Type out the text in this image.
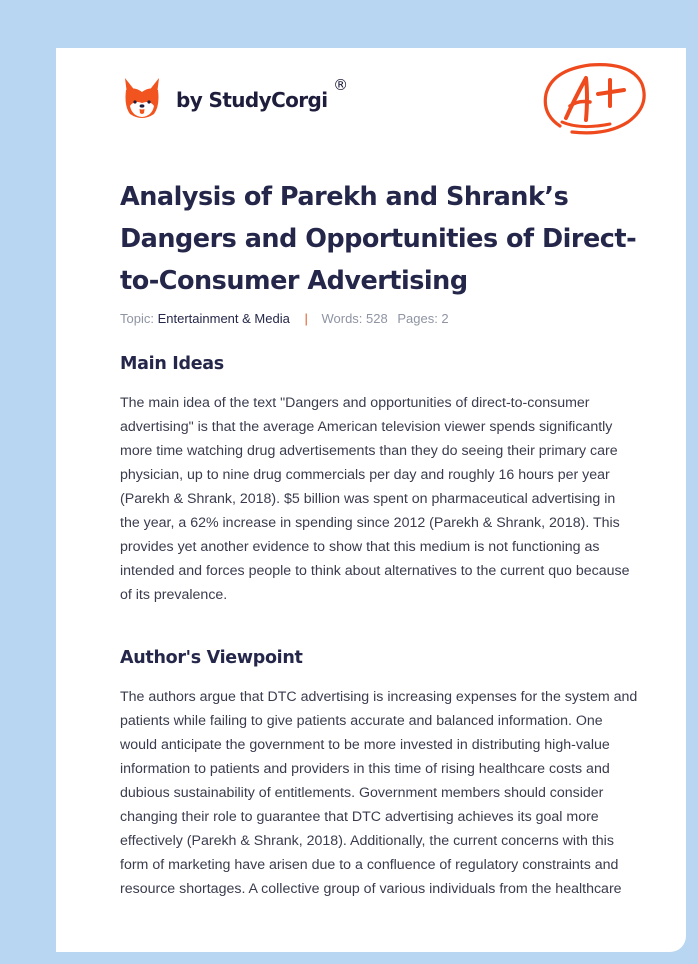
by StudyCorgi
®
Analysis of Parekh and Shrank’s Dangers and Opportunities of Direct-to-Consumer Advertising
Topic: Entertainment & Media | Words: 528 Pages: 2
Main Ideas

The main idea of the text "Dangers and opportunities of direct-to-consumer advertising" is that the average American television viewer spends significantly more time watching drug advertisements than they do seeing their primary care physician, up to nine drug commercials per day and roughly 16 hours per year (Parekh & Shrank, 2018). $5 billion was spent on pharmaceutical advertising in the year, a 62% increase in spending since 2012 (Parekh & Shrank, 2018). This provides yet another evidence to show that this medium is not functioning as intended and forces people to think about alternatives to the current quo because of its prevalence.

Author's Viewpoint

The authors argue that DTC advertising is increasing expenses for the system and patients while failing to give patients accurate and balanced information. One would anticipate the government to be more invested in distributing high-value information to patients and providers in this time of rising healthcare costs and dubious sustainability of entitlements. Government members should consider changing their role to guarantee that DTC advertising achieves its goal more effectively (Parekh & Shrank, 2018). Additionally, the current concerns with this form of marketing have arisen due to a confluence of regulatory constraints and resource shortages. A collective group of various individuals from the healthcare
